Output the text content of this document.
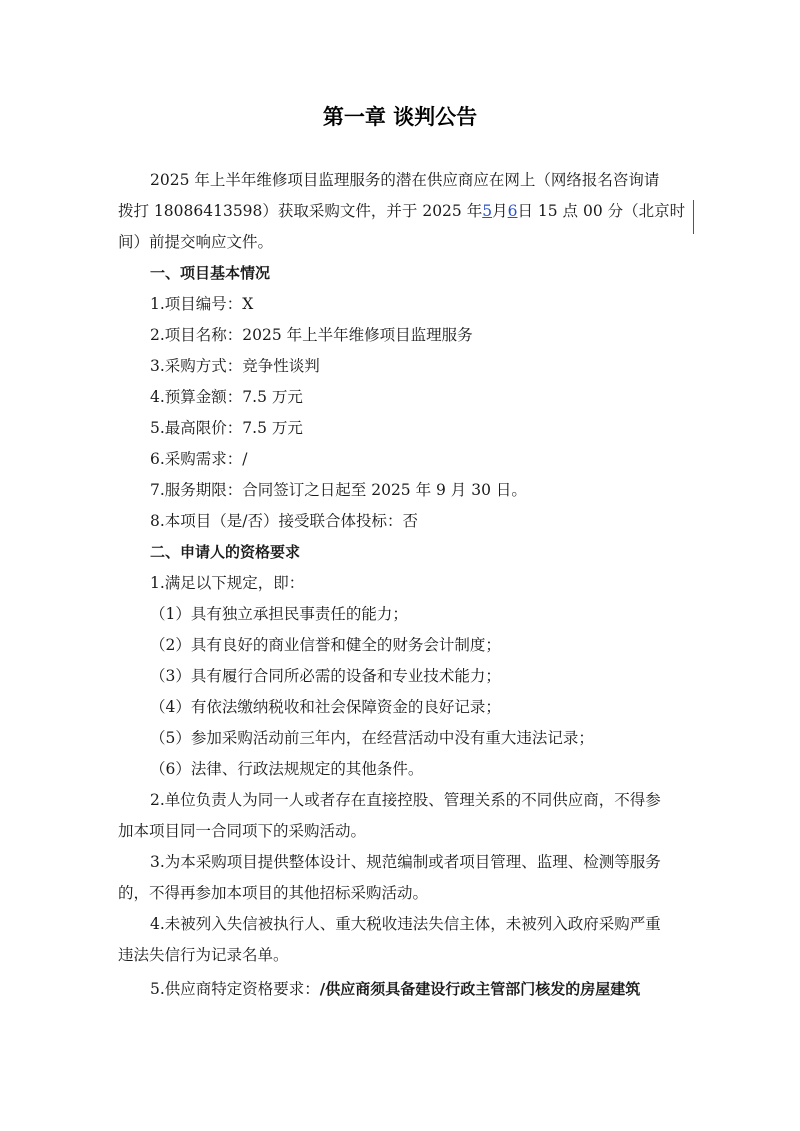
第一章 谈判公告
2025 年上半年维修项目监理服务的潜在供应商应在网上（网络报名咨询请
拨打 18086413598）获取采购文件，并于 2025 年5月6日 15 点 00 分（北京时
间）前提交响应文件。
一、项目基本情况
1.项目编号：X
2.项目名称：2025 年上半年维修项目监理服务
3.采购方式：竞争性谈判
4.预算金额：7.5 万元
5.最高限价：7.5 万元
6.采购需求：/
7.服务期限：合同签订之日起至 2025 年 9 月 30 日。
8.本项目（是/否）接受联合体投标：否
二、申请人的资格要求
1.满足以下规定，即：
（1）具有独立承担民事责任的能力；
（2）具有良好的商业信誉和健全的财务会计制度；
（3）具有履行合同所必需的设备和专业技术能力；
（4）有依法缴纳税收和社会保障资金的良好记录；
（5）参加采购活动前三年内，在经营活动中没有重大违法记录；
（6）法律、行政法规规定的其他条件。
2.单位负责人为同一人或者存在直接控股、管理关系的不同供应商，不得参
加本项目同一合同项下的采购活动。
3.为本采购项目提供整体设计、规范编制或者项目管理、监理、检测等服务
的，不得再参加本项目的其他招标采购活动。
4.未被列入失信被执行人、重大税收违法失信主体，未被列入政府采购严重
违法失信行为记录名单。
5.供应商特定资格要求：/供应商须具备建设行政主管部门核发的房屋建筑
